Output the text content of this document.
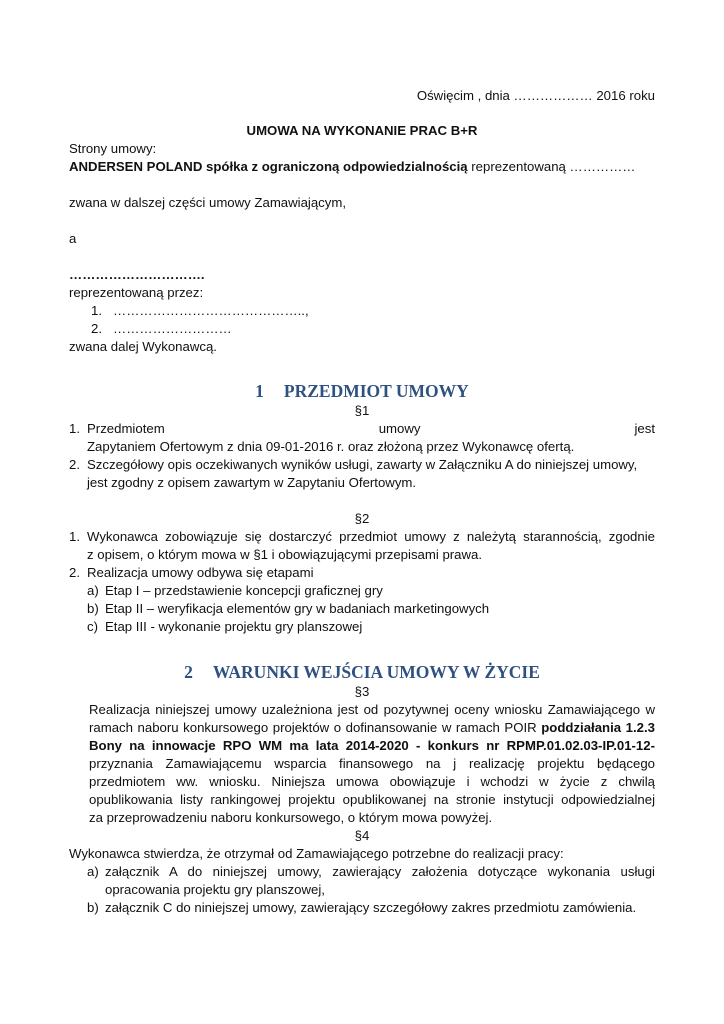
Oświęcim , dnia ……………… 2016 roku
UMOWA NA WYKONANIE PRAC B+R
Strony umowy:
ANDERSEN POLAND spółka z ograniczoną odpowiedzialnością reprezentowaną ……………
zwana w dalszej części umowy Zamawiającym,
a
………………………….
reprezentowaną przez:
1. ……………………………………..,
2. ………………………
zwana dalej Wykonawcą.
1 PRZEDMIOT UMOWY
§1
1. Przedmiotem umowy jest
Zapytaniem Ofertowym z dnia 09-01-2016 r. oraz złożoną przez Wykonawcę ofertą.
2. Szczegółowy opis oczekiwanych wyników usługi, zawarty w Załączniku A do niniejszej umowy,
jest zgodny z opisem zawartym w Zapytaniu Ofertowym.
§2
1. Wykonawca zobowiązuje się dostarczyć przedmiot umowy z należytą starannością, zgodnie
z opisem, o którym mowa w §1 i obowiązującymi przepisami prawa.
2. Realizacja umowy odbywa się etapami
a) Etap I – przedstawienie koncepcji graficznej gry
b) Etap II – weryfikacja elementów gry w badaniach marketingowych
c) Etap III - wykonanie projektu gry planszowej
2 WARUNKI WEJŚCIA UMOWY W ŻYCIE
§3
Realizacja niniejszej umowy uzależniona jest od pozytywnej oceny wniosku Zamawiającego w
ramach naboru konkursowego projektów o dofinansowanie w ramach POIR poddziałania 1.2.3
Bony na innowacje RPO WM ma lata 2014-2020 - konkurs nr RPMP.01.02.03-IP.01-12-
przyznania Zamawiającemu wsparcia finansowego na j realizację projektu będącego
przedmiotem ww. wniosku. Niniejsza umowa obowiązuje i wchodzi w życie z chwilą
opublikowania listy rankingowej projektu opublikowanej na stronie instytucji odpowiedzialnej
za przeprowadzeniu naboru konkursowego, o którym mowa powyżej.
§4
Wykonawca stwierdza, że otrzymał od Zamawiającego potrzebne do realizacji pracy:
a) załącznik A do niniejszej umowy, zawierający założenia dotyczące wykonania usługi
opracowania projektu gry planszowej,
b) załącznik C do niniejszej umowy, zawierający szczegółowy zakres przedmiotu zamówienia.
